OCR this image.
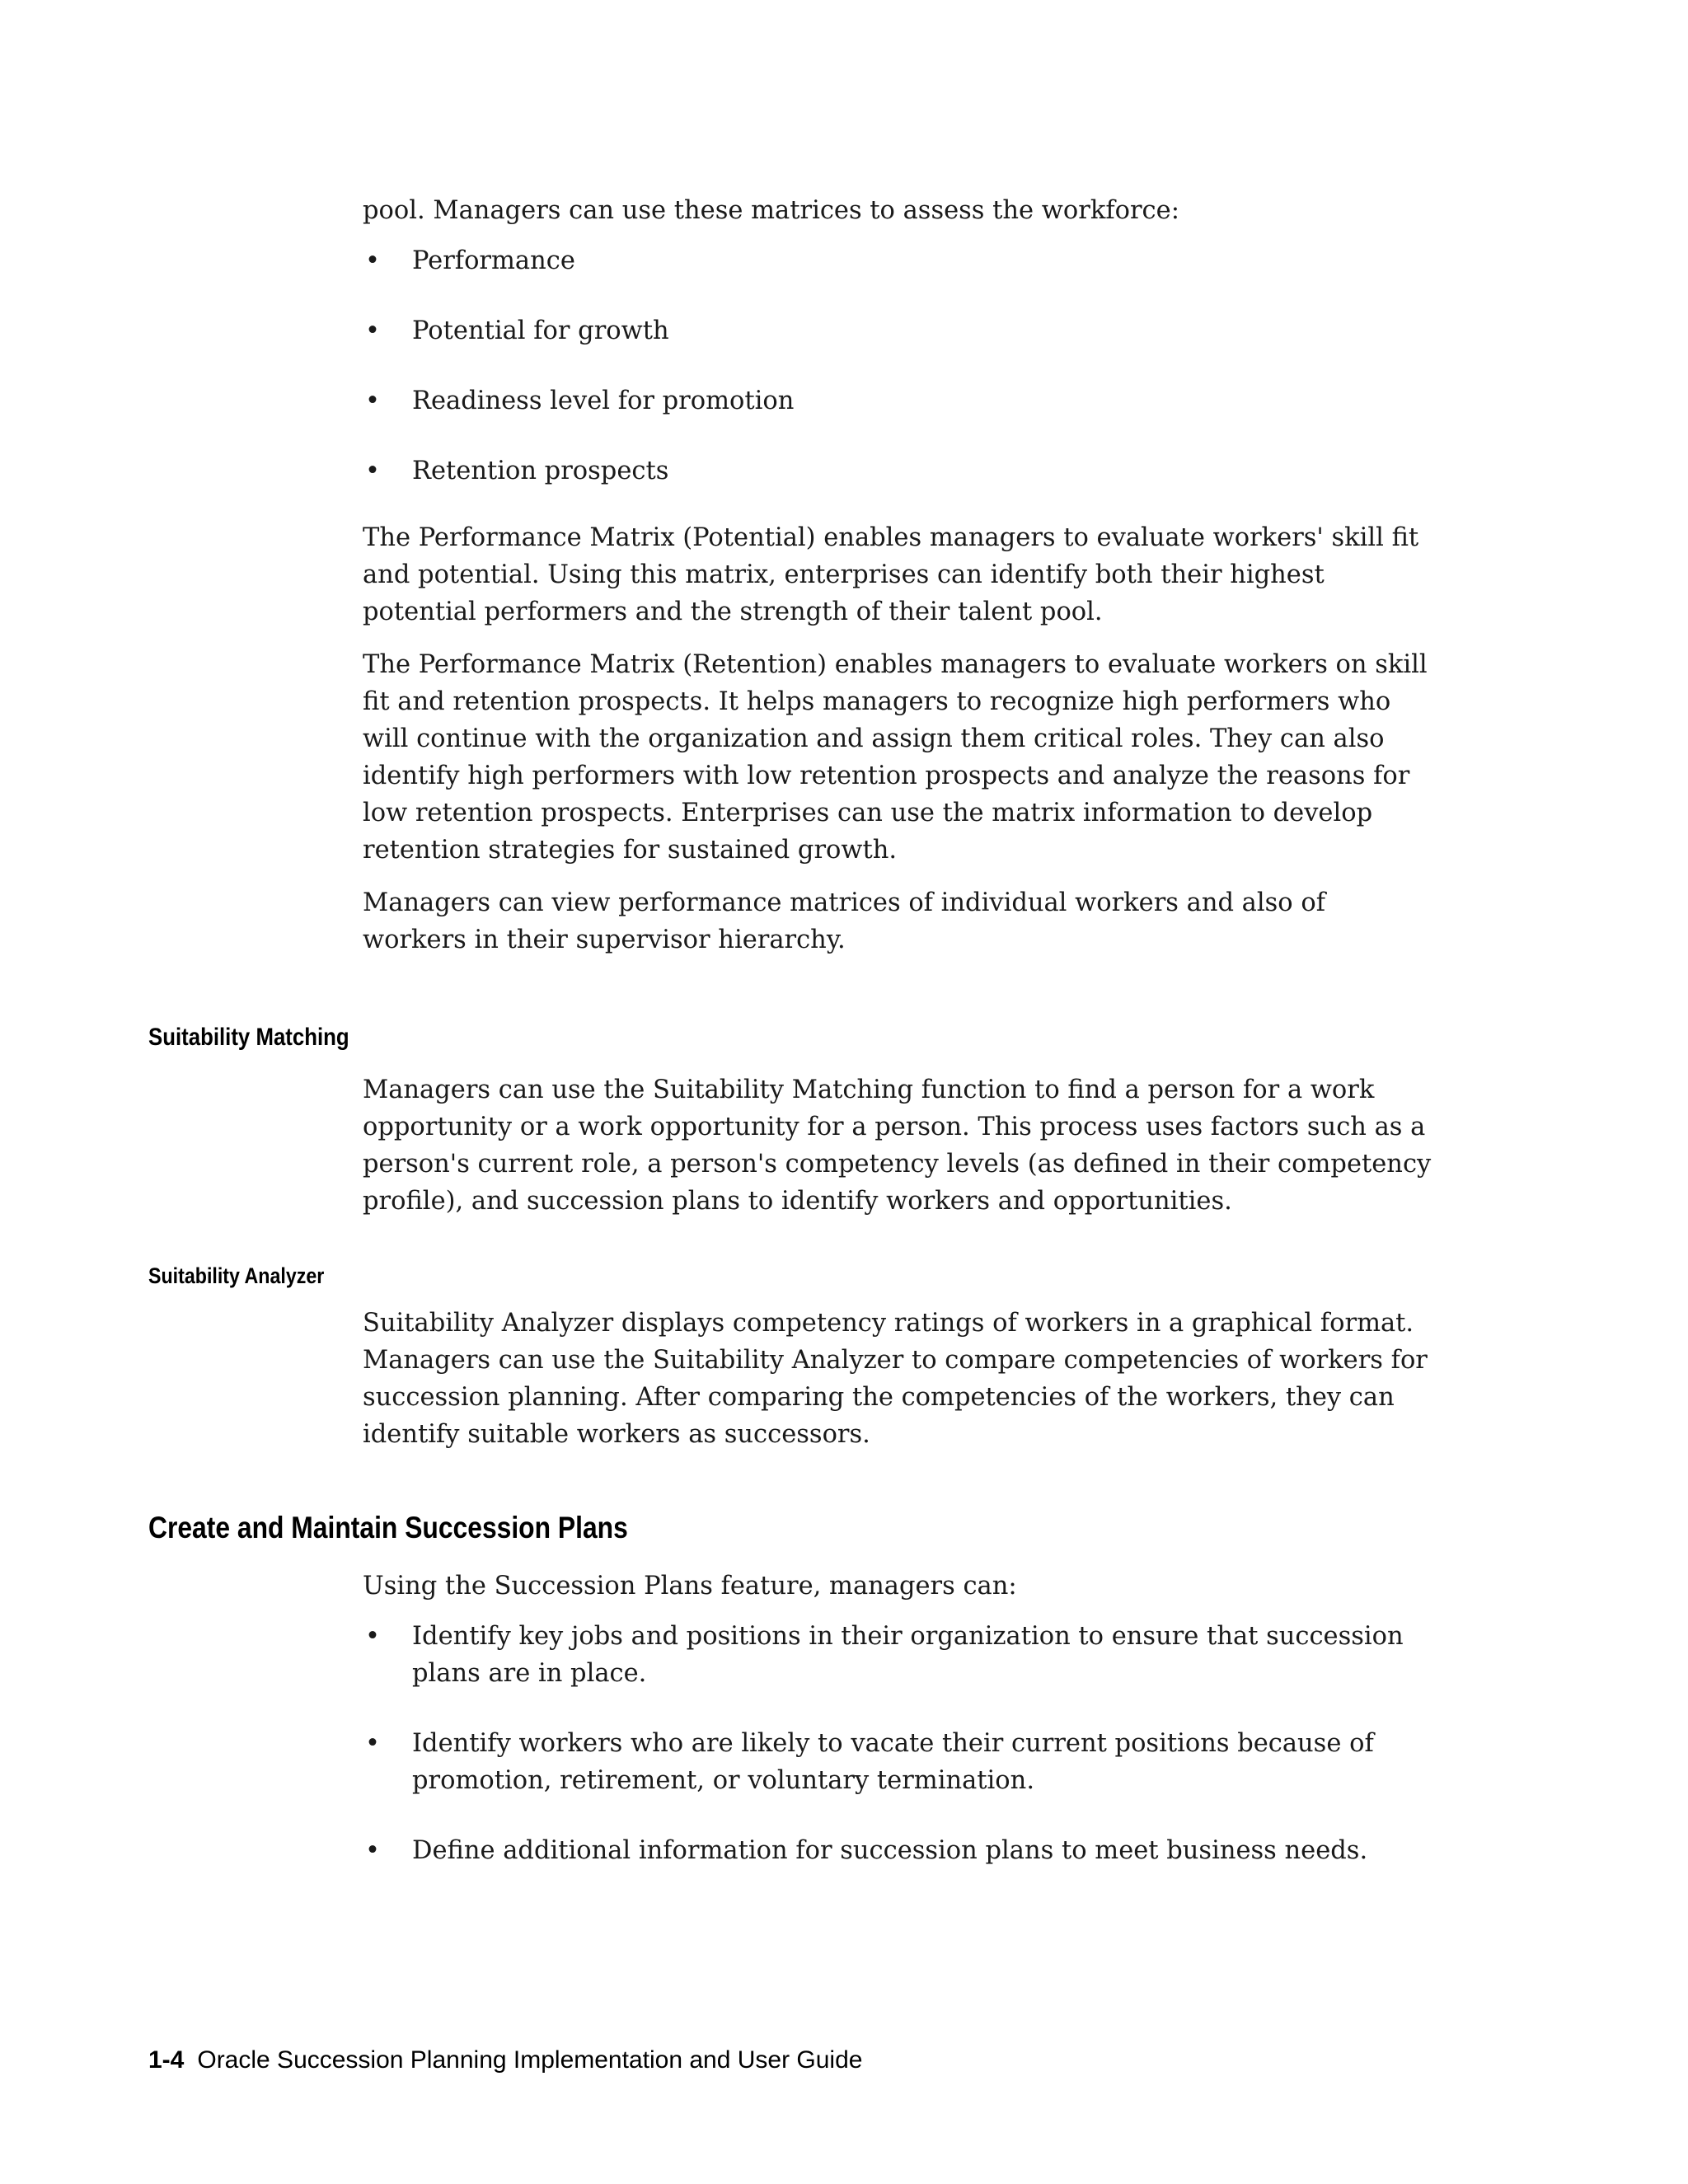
pool. Managers can use these matrices to assess the workforce:

• Performance
• Potential for growth
• Readiness level for promotion
• Retention prospects

The Performance Matrix (Potential) enables managers to evaluate workers' skill fit and potential. Using this matrix, enterprises can identify both their highest potential performers and the strength of their talent pool.

The Performance Matrix (Retention) enables managers to evaluate workers on skill fit and retention prospects. It helps managers to recognize high performers who will continue with the organization and assign them critical roles. They can also identify high performers with low retention prospects and analyze the reasons for low retention prospects. Enterprises can use the matrix information to develop retention strategies for sustained growth.

Managers can view performance matrices of individual workers and also of workers in their supervisor hierarchy.

Suitability Matching

Managers can use the Suitability Matching function to find a person for a work opportunity or a work opportunity for a person. This process uses factors such as a person's current role, a person's competency levels (as defined in their competency profile), and succession plans to identify workers and opportunities.

Suitability Analyzer

Suitability Analyzer displays competency ratings of workers in a graphical format. Managers can use the Suitability Analyzer to compare competencies of workers for succession planning. After comparing the competencies of the workers, they can identify suitable workers as successors.

Create and Maintain Succession Plans

Using the Succession Plans feature, managers can:

• Identify key jobs and positions in their organization to ensure that succession plans are in place.
• Identify workers who are likely to vacate their current positions because of promotion, retirement, or voluntary termination.
• Define additional information for succession plans to meet business needs.
1-4 Oracle Succession Planning Implementation and User Guide
